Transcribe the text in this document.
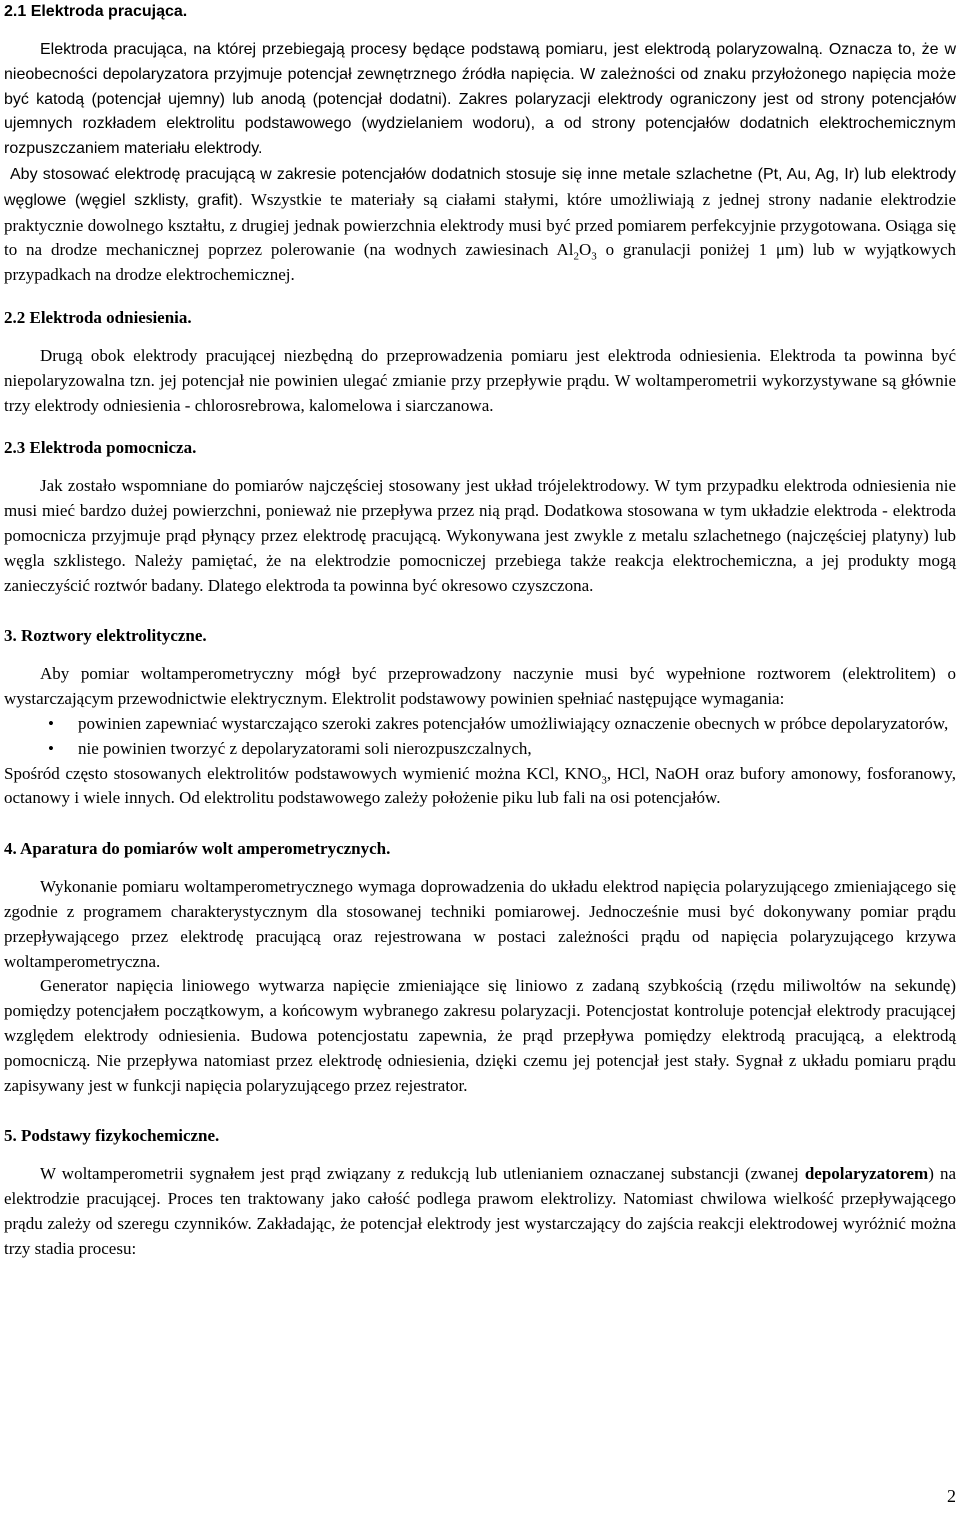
2.1 Elektroda pracująca.

Elektroda pracująca, na której przebiegają procesy będące podstawą pomiaru, jest elektrodą polaryzowalną. Oznacza to, że w nieobecności depolaryzatora przyjmuje potencjał zewnętrznego źródła napięcia. W zależności od znaku przyłożonego napięcia może być katodą (potencjał ujemny) lub anodą (potencjał dodatni). Zakres polaryzacji elektrody ograniczony jest od strony potencjałów ujemnych rozkładem elektrolitu podstawowego (wydzielaniem wodoru), a od strony potencjałów dodatnich elektrochemicznym rozpuszczaniem materiału elektrody.

Aby stosować elektrodę pracującą w zakresie potencjałów dodatnich stosuje się inne metale szlachetne (Pt, Au, Ag, Ir) lub elektrody węglowe (węgiel szklisty, grafit). Wszystkie te materiały są ciałami stałymi, które umożliwiają z jednej strony nadanie elektrodzie praktycznie dowolnego kształtu, z drugiej jednak powierzchnia elektrody musi być przed pomiarem perfekcyjnie przygotowana. Osiąga się to na drodze mechanicznej poprzez polerowanie (na wodnych zawiesinach $Al_2O_3$ o granulacji poniżej 1 μm) lub w wyjątkowych przypadkach na drodze elektrochemicznej.

2.2 Elektroda odniesienia.

Drugą obok elektrody pracującej niezbędną do przeprowadzenia pomiaru jest elektroda odniesienia. Elektroda ta powinna być niepolaryzowalna tzn. jej potencjał nie powinien ulegać zmianie przy przepływie prądu. W woltamperometrii wykorzystywane są głównie trzy elektrody odniesienia - chlorosrebrowa, kalomelowa i siarczanowa.

2.3 Elektroda pomocnicza.

Jak zostało wspomniane do pomiarów najczęściej stosowany jest układ trójelektrodowy. W tym przypadku elektroda odniesienia nie musi mieć bardzo dużej powierzchni, ponieważ nie przepływa przez nią prąd. Dodatkowa stosowana w tym układzie elektroda - elektroda pomocnicza przyjmuje prąd płynący przez elektrodę pracującą. Wykonywana jest zwykle z metalu szlachetnego (najczęściej platyny) lub węgla szklistego. Należy pamiętać, że na elektrodzie pomocniczej przebiega także reakcja elektrochemiczna, a jej produkty mogą zanieczyścić roztwór badany. Dlatego elektroda ta powinna być okresowo czyszczona.

3. Roztwory elektrolityczne.

Aby pomiar woltamperometryczny mógł być przeprowadzony naczynie musi być wypełnione roztworem (elektrolitem) o wystarczającym przewodnictwie elektrycznym. Elektrolit podstawowy powinien spełniać następujące wymagania:

• powinien zapewniać wystarczająco szeroki zakres potencjałów umożliwiający oznaczenie obecnych w próbce depolaryzatorów,
• nie powinien tworzyć z depolaryzatorami soli nierozpuszczalnych,

Spośród często stosowanych elektrolitów podstawowych wymienić można KCl, $KNO_3$, HCl, NaOH oraz bufory amonowy, fosforanowy, octanowy i wiele innych. Od elektrolitu podstawowego zależy położenie piku lub fali na osi potencjałów.

4. Aparatura do pomiarów wolt amperometrycznych.

Wykonanie pomiaru woltamperometrycznego wymaga doprowadzenia do układu elektrod napięcia polaryzującego zmieniającego się zgodnie z programem charakterystycznym dla stosowanej techniki pomiarowej. Jednocześnie musi być dokonywany pomiar prądu przepływającego przez elektrodę pracującą oraz rejestrowana w postaci zależności prądu od napięcia polaryzującego krzywa woltamperometryczna.

Generator napięcia liniowego wytwarza napięcie zmieniające się liniowo z zadaną szybkością (rzędu miliwoltów na sekundę) pomiędzy potencjałem początkowym, a końcowym wybranego zakresu polaryzacji. Potencjostat kontroluje potencjał elektrody pracującej względem elektrody odniesienia. Budowa potencjostatu zapewnia, że prąd przepływa pomiędzy elektrodą pracującą, a elektrodą pomocniczą. Nie przepływa natomiast przez elektrodę odniesienia, dzięki czemu jej potencjał jest stały. Sygnał z układu pomiaru prądu zapisywany jest w funkcji napięcia polaryzującego przez rejestrator.

5. Podstawy fizykochemiczne.

W woltamperometrii sygnałem jest prąd związany z redukcją lub utlenianiem oznaczanej substancji (zwanej depolaryzatorem) na elektrodzie pracującej. Proces ten traktowany jako całość podlega prawom elektrolizy. Natomiast chwilowa wielkość przepływającego prądu zależy od szeregu czynników. Zakładając, że potencjał elektrody jest wystarczający do zajścia reakcji elektrodowej wyróżnić można trzy stadia procesu:

2
